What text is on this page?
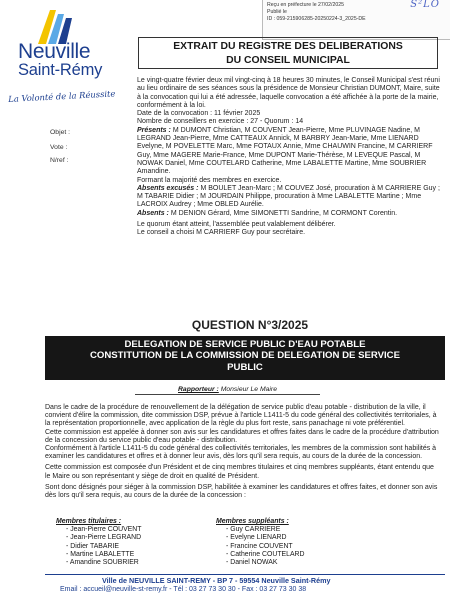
Reçu en préfecture le 27/02/2025
Publié le
ID : 059-215906285-20250224-3_2025-DE
S²LO
Neuville
Saint-Rémy
La Volonté de la Réussite
EXTRAIT DU REGISTRE DES DELIBERATIONS
DU CONSEIL MUNICIPAL
Objet :
Vote :
N/ref :

Le vingt-quatre février deux mil vingt-cinq à 18 heures 30 minutes, le Conseil Municipal s'est réuni au lieu ordinaire de ses séances sous la présidence de Monsieur Christian DUMONT, Maire, suite à la convocation qui lui a été adressée, laquelle convocation a été affichée à la porte de la mairie, conformément à la loi.

Date de la convocation : 11 février 2025

Nombre de conseillers en exercice : 27 - Quorum : 14

Présents : M DUMONT Christian, M COUVENT Jean-Pierre, Mme PLUVINAGE Nadine, M LEGRAND Jean-Pierre, Mme CATTEAUX Annick, M BARBRY Jean-Marie, Mme LIENARD Evelyne, M POVELETTE Marc, Mme FOTAUX Annie, Mme CHAUWIN Francine, M CARRIERF Guy, Mme MAGERE Marie-France, Mme DUPONT Marie-Thérèse, M LEVEQUE Pascal, M NOWAK Daniel, Mme COUTELARD Catherine, Mme LABALETTE Martine, Mme SOUBRIER Amandine.

Formant la majorité des membres en exercice.

Absents excusés : M BOULET Jean-Marc ; M COUVEZ José, procuration à M CARRIERE Guy ; M TABARIE Didier ; M JOURDAIN Philippe, procuration à Mme LABALETTE Martine ; Mme LACROIX Audrey ; Mme OBLED Aurélie.

Absents : M DENION Gérard, Mme SIMONETTI Sandrine, M CORMONT Corentin.

Le quorum étant atteint, l'assemblée peut valablement délibérer.

Le conseil a choisi M CARRIERF Guy pour secrétaire.

QUESTION N°3/2025
DELEGATION DE SERVICE PUBLIC D'EAU POTABLE
CONSTITUTION DE LA COMMISSION DE DELEGATION DE SERVICE
PUBLIC
Rapporteur : Monsieur Le Maire

Dans le cadre de la procédure de renouvellement de la délégation de service public d'eau potable - distribution de la ville, il convient d'élire la commission, dite commission DSP, prévue à l'article L1411-5 du code général des collectivités territoriales, à la représentation proportionnelle, avec application de la règle du plus fort reste, sans panachage ni vote préférentiel.

Cette commission est appelée à donner son avis sur les candidatures et offres faites dans le cadre de la procédure d'attribution de la concession du service public d'eau potable - distribution.

Conformément à l'article L1411-5 du code général des collectivités territoriales, les membres de la commission sont habilités à examiner les candidatures et offres et à donner leur avis, dès lors qu'il sera requis, au cours de la durée de la concession.

Cette commission est composée d'un Président et de cinq membres titulaires et cinq membres suppléants, étant entendu que le Maire ou son représentant y siège de droit en qualité de Président.

Sont donc désignés pour siéger à la commission DSP, habilitée à examiner les candidatures et offres faites, et donner son avis dès lors qu'il sera requis, au cours de la durée de la concession :

Membres titulaires :
- Jean-Pierre COUVENT
- Jean-Pierre LEGRAND
- Didier TABARIE
- Martine LABALETTE
- Amandine SOUBRIER
Membres suppléants :
- Guy CARRIERE
- Evelyne LIENARD
- Francine COUVENT
- Catherine COUTELARD
- Daniel NOWAK
Ville de NEUVILLE SAINT-REMY - BP 7 - 59554 Neuville Saint-Rémy
Email : accueil@neuville-st-remy.fr - Tél : 03 27 73 30 30 - Fax : 03 27 73 30 38
